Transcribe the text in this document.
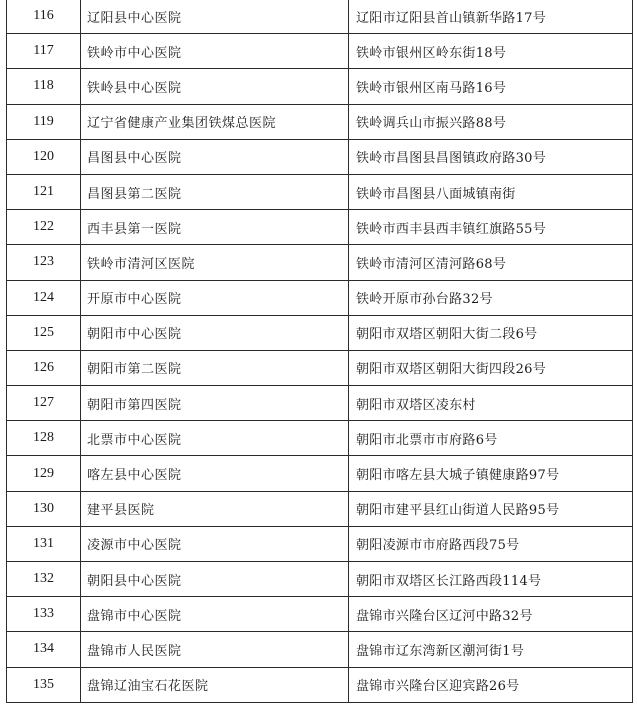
116	辽阳县中心医院	辽阳市辽阳县首山镇新华路17号
117	铁岭市中心医院	铁岭市银州区岭东街18号
118	铁岭县中心医院	铁岭市银州区南马路16号
119	辽宁省健康产业集团铁煤总医院	铁岭调兵山市振兴路88号
120	昌图县中心医院	铁岭市昌图县昌图镇政府路30号
121	昌图县第二医院	铁岭市昌图县八面城镇南街
122	西丰县第一医院	铁岭市西丰县西丰镇红旗路55号
123	铁岭市清河区医院	铁岭市清河区清河路68号
124	开原市中心医院	铁岭开原市孙台路32号
125	朝阳市中心医院	朝阳市双塔区朝阳大街二段6号
126	朝阳市第二医院	朝阳市双塔区朝阳大街四段26号
127	朝阳市第四医院	朝阳市双塔区凌东村
128	北票市中心医院	朝阳市北票市市府路6号
129	喀左县中心医院	朝阳市喀左县大城子镇健康路97号
130	建平县医院	朝阳市建平县红山街道人民路95号
131	凌源市中心医院	朝阳凌源市市府路西段75号
132	朝阳县中心医院	朝阳市双塔区长江路西段114号
133	盘锦市中心医院	盘锦市兴隆台区辽河中路32号
134	盘锦市人民医院	盘锦市辽东湾新区潮河街1号
135	盘锦辽油宝石花医院	盘锦市兴隆台区迎宾路26号
